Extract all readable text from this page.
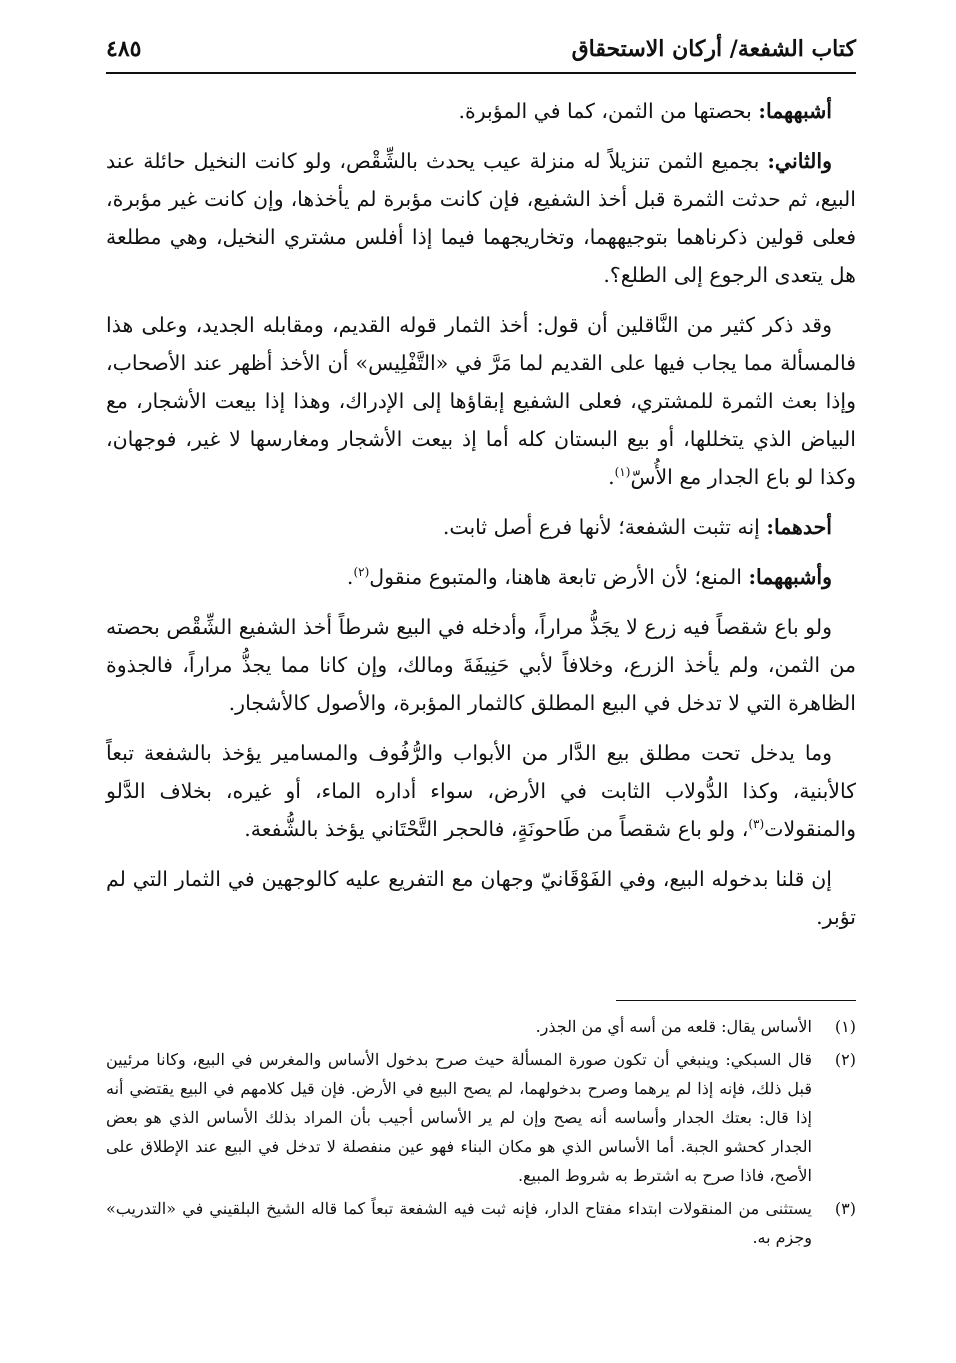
كتاب الشفعة/ أركان الاستحقاق
٤٨٥

أشبههما: بحصتها من الثمن، كما في المؤبرة.

والثاني: بجميع الثمن تنزيلاً له منزلة عيب يحدث بالشِّقْص، ولو كانت النخيل حائلة عند البيع، ثم حدثت الثمرة قبل أخذ الشفيع، فإن كانت مؤبرة لم يأخذها، وإن كانت غير مؤبرة، فعلى قولين ذكرناهما بتوجيههما، وتخاريجهما فيما إذا أفلس مشتري النخيل، وهي مطلعة هل يتعدى الرجوع إلى الطلع؟.

وقد ذكر كثير من النَّاقلين أن قول: أخذ الثمار قوله القديم، ومقابله الجديد، وعلى هذا فالمسألة مما يجاب فيها على القديم لما مَرَّ في «التَّفْلِيس» أن الأخذ أظهر عند الأصحاب، وإذا بعث الثمرة للمشتري، فعلى الشفيع إبقاؤها إلى الإدراك، وهذا إذا بيعت الأشجار، مع البياض الذي يتخللها، أو بيع البستان كله أما إذ بيعت الأشجار ومغارسها لا غير، فوجهان، وكذا لو باع الجدار مع الأُسّ$^{(١)}$.

أحدهما: إنه تثبت الشفعة؛ لأنها فرع أصل ثابت.

وأشبههما: المنع؛ لأن الأرض تابعة هاهنا، والمتبوع منقول$^{(٢)}$.

ولو باع شقصاً فيه زرع لا يجَذُّ مراراً، وأدخله في البيع شرطاً أخذ الشفيع الشِّقْص بحصته من الثمن، ولم يأخذ الزرع، وخلافاً لأبي حَنِيفَةَ ومالك، وإن كانا مما يجذُّ مراراً، فالجذوة الظاهرة التي لا تدخل في البيع المطلق كالثمار المؤبرة، والأصول كالأشجار.

وما يدخل تحت مطلق بيع الدَّار من الأبواب والرُّفُوف والمسامير يؤخذ بالشفعة تبعاً كالأبنية، وكذا الدُّولاب الثابت في الأرض، سواء أداره الماء، أو غيره، بخلاف الدَّلو والمنقولات$^{(٣)}$، ولو باع شقصاً من طَاحونَةٍ، فالحجر التَّحْتَاني يؤخذ بالشُّفعة.

إن قلنا بدخوله البيع، وفي الفَوْقَانيّ وجهان مع التفريع عليه كالوجهين في الثمار التي لم تؤبر.

(١)
الأساس يقال: قلعه من أسه أي من الجذر.
(٢)
قال السبكي: وينبغي أن تكون صورة المسألة حيث صرح بدخول الأساس والمغرس في البيع، وكانا مرئيين قبل ذلك، فإنه إذا لم يرهما وصرح بدخولهما، لم يصح البيع في الأرض. فإن قيل كلامهم في البيع يقتضي أنه إذا قال: بعتك الجدار وأساسه أنه يصح وإن لم ير الأساس أجيب بأن المراد بذلك الأساس الذي هو بعض الجدار كحشو الجبة. أما الأساس الذي هو مكان البناء فهو عين منفصلة لا تدخل في البيع عند الإطلاق على الأصح، فاذا صرح به اشترط به شروط المبيع.
(٣)
يستثنى من المنقولات ابتداء مفتاح الدار، فإنه ثبت فيه الشفعة تبعاً كما قاله الشيخ البلقيني في «التدريب» وجزم به.
